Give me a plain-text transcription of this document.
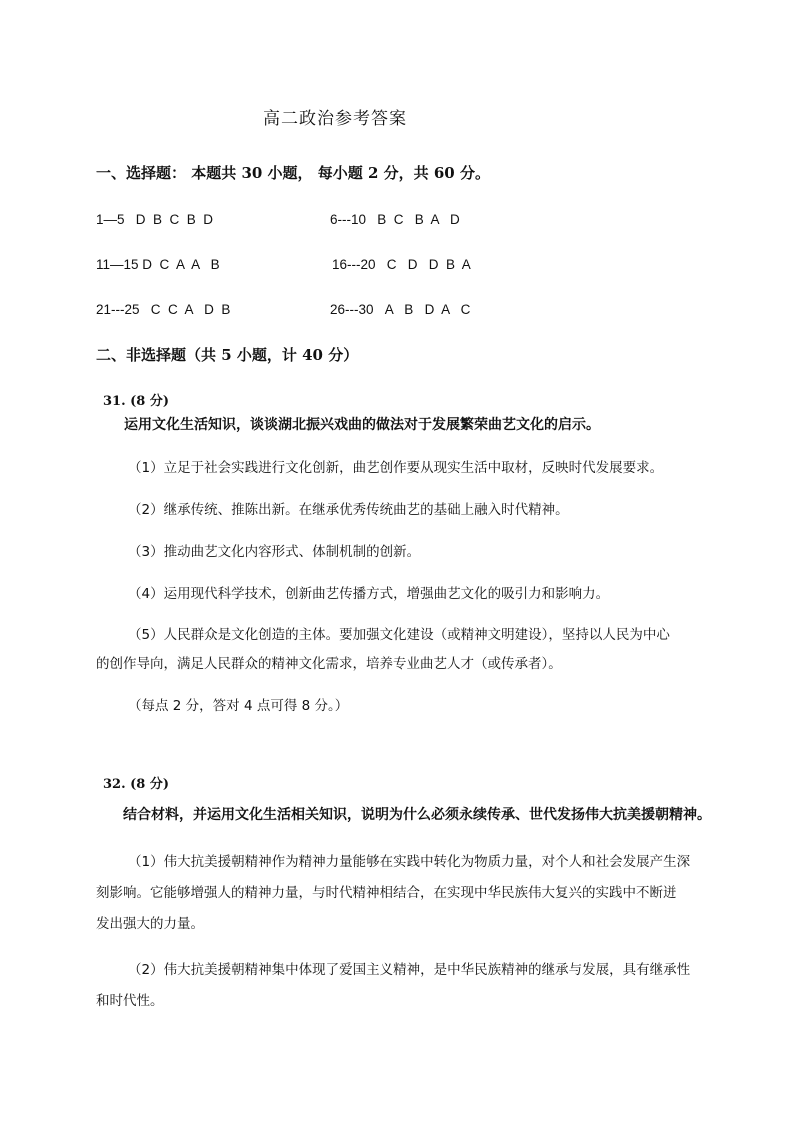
高二政治参考答案
一、选择题： 本题共 30 小题， 每小题 2 分，共 60 分。
1—5 D  B  C  B  D	6---10 B  C   B  A   D
11—15 D  C  A  A   B	16---20 C   D   D  B  A
21---25 C  C  A   D  B	26---30 A   B   D  A   C
二、非选择题（共 5 小题，计 40 分）
31. (8 分)
运用文化生活知识，谈谈湖北振兴戏曲的做法对于发展繁荣曲艺文化的启示。
（1）立足于社会实践进行文化创新，曲艺创作要从现实生活中取材，反映时代发展要求。
（2）继承传统、推陈出新。在继承优秀传统曲艺的基础上融入时代精神。
（3）推动曲艺文化内容形式、体制机制的创新。
（4）运用现代科学技术，创新曲艺传播方式，增强曲艺文化的吸引力和影响力。
（5）人民群众是文化创造的主体。要加强文化建设（或精神文明建设），坚持以人民为中心
的创作导向，满足人民群众的精神文化需求，培养专业曲艺人才（或传承者）。
（每点 2 分，答对 4 点可得 8 分。）
32. (8 分)
结合材料，并运用文化生活相关知识，说明为什么必须永续传承、世代发扬伟大抗美援朝精神。
（1）伟大抗美援朝精神作为精神力量能够在实践中转化为物质力量，对个人和社会发展产生深
刻影响。它能够增强人的精神力量，与时代精神相结合，在实现中华民族伟大复兴的实践中不断迸
发出强大的力量。
（2）伟大抗美援朝精神集中体现了爱国主义精神，是中华民族精神的继承与发展，具有继承性
和时代性。
